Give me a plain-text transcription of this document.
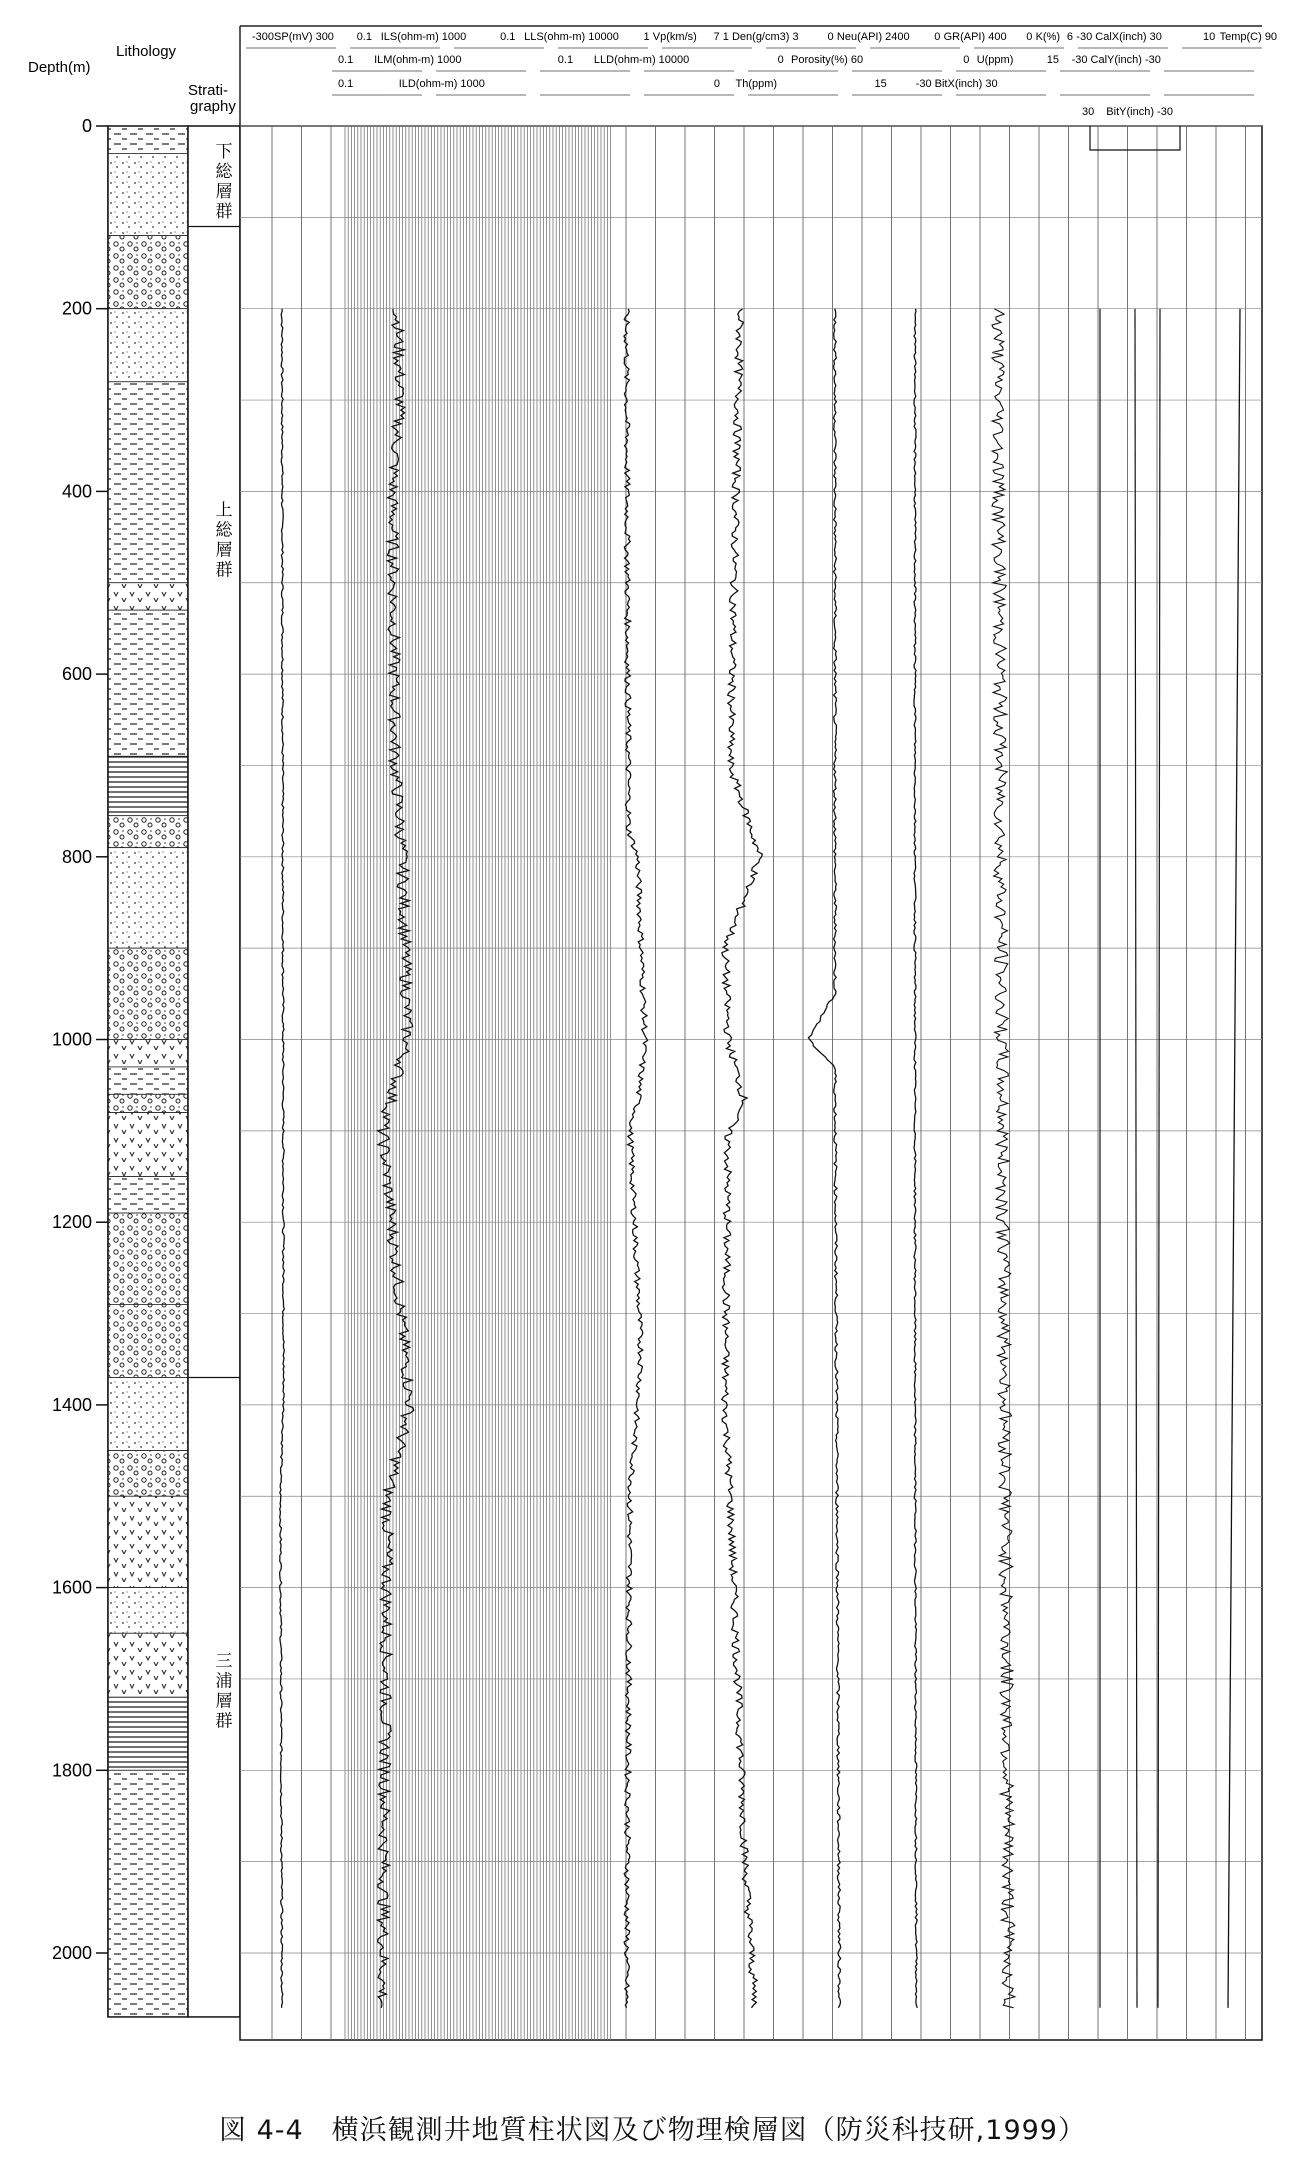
Lithology
Depth(m)
Strati- graphy
-300SP(mV) 300 0.1 ILS(ohm-m) 1000	0.1 LLS(ohm-m) 10000 1 Vp(km/s) 7 1 Den(g/cm3) 3	0 Neu(API) 2400 0 GR(API) 400 0 K(%) 6 -30 CalX(inch) 30	10 Temp(C) 90
0.1 ILM(ohm-m) 1000	0.1 LLD(ohm-m) 10000	0 Porosity(%) 60	0 U(ppm)	15 -30 CalY(inch) -30
0.1	ILD(ohm-m) 1000	0 Th(ppm)	15	-30 BitX(inch) 30
30 BitY(inch) -30
0
200
400
600
800
1000
1200
1400
1600
1800
2000
下総層群
上総層群
三浦層群
図 4-4　横浜観測井地質柱状図及び物理検層図（防災科技研,1999）
